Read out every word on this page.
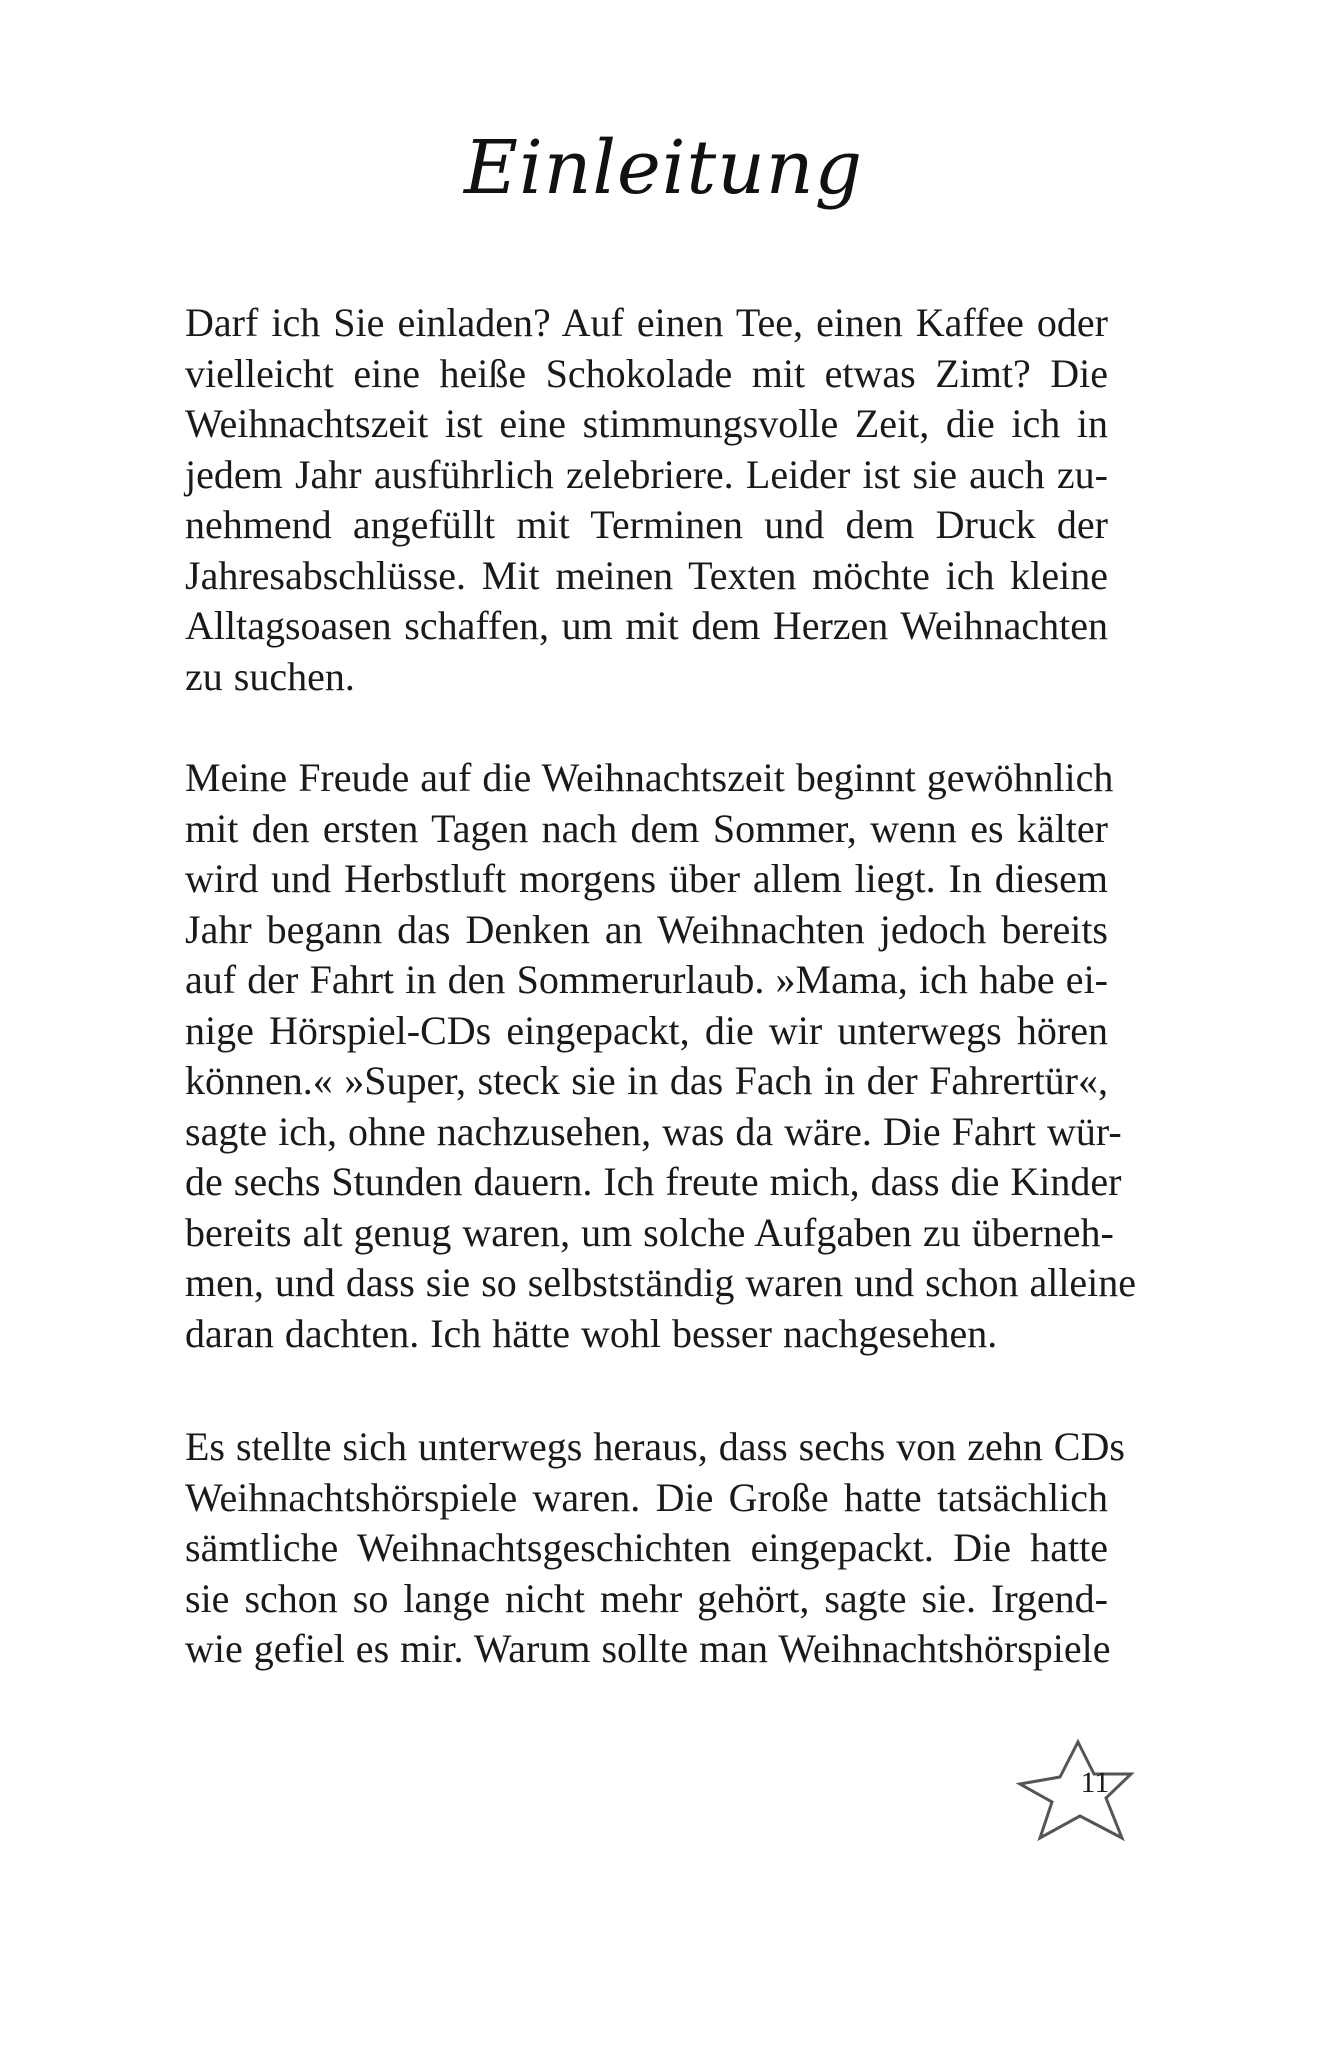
Einleitung
Darf ich Sie einladen? Auf einen Tee, einen Kaffee oder
vielleicht eine heiße Schokolade mit etwas Zimt? Die
Weihnachtszeit ist eine stimmungsvolle Zeit, die ich in
jedem Jahr ausführlich zelebriere. Leider ist sie auch zu-
nehmend angefüllt mit Terminen und dem Druck der
Jahresabschlüsse. Mit meinen Texten möchte ich kleine
Alltagsoasen schaffen, um mit dem Herzen Weihnachten
zu suchen.
Meine Freude auf die Weihnachtszeit beginnt gewöhnlich
mit den ersten Tagen nach dem Sommer, wenn es kälter
wird und Herbstluft morgens über allem liegt. In diesem
Jahr begann das Denken an Weihnachten jedoch bereits
auf der Fahrt in den Sommerurlaub. »Mama, ich habe ei-
nige Hörspiel-CDs eingepackt, die wir unterwegs hören
können.« »Super, steck sie in das Fach in der Fahrertür«,
sagte ich, ohne nachzusehen, was da wäre. Die Fahrt wür-
de sechs Stunden dauern. Ich freute mich, dass die Kinder
bereits alt genug waren, um solche Aufgaben zu überneh-
men, und dass sie so selbstständig waren und schon alleine
daran dachten. Ich hätte wohl besser nachgesehen.
Es stellte sich unterwegs heraus, dass sechs von zehn CDs
Weihnachtshörspiele waren. Die Große hatte tatsächlich
sämtliche Weihnachtsgeschichten eingepackt. Die hatte
sie schon so lange nicht mehr gehört, sagte sie. Irgend-
wie gefiel es mir. Warum sollte man Weihnachtshörspiele
11
